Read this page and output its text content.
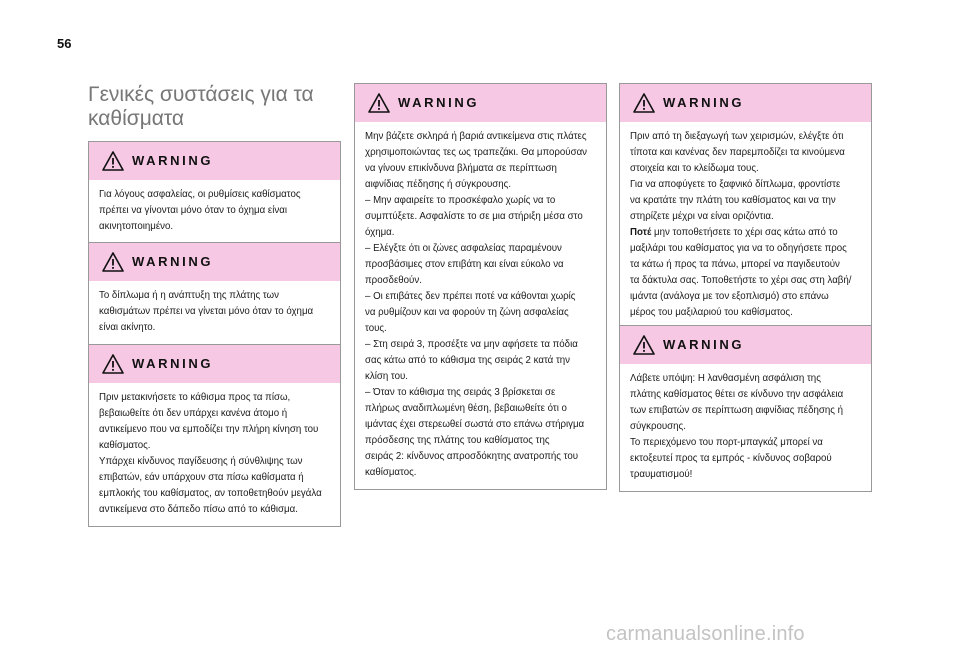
56
Γενικές συστάσεις για τα καθίσματα
WARNING

Για λόγους ασφαλείας, οι ρυθμίσεις καθίσματος

πρέπει να γίνονται μόνο όταν το όχημα είναι

ακινητοποιημένο.

WARNING

Το δίπλωμα ή η ανάπτυξη της πλάτης των

καθισμάτων πρέπει να γίνεται μόνο όταν το όχημα

είναι ακίνητο.

WARNING

Πριν μετακινήσετε το κάθισμα προς τα πίσω,

βεβαιωθείτε ότι δεν υπάρχει κανένα άτομο ή

αντικείμενο που να εμποδίζει την πλήρη κίνηση του

καθίσματος.

Υπάρχει κίνδυνος παγίδευσης ή σύνθλιψης των

επιβατών, εάν υπάρχουν στα πίσω καθίσματα ή

εμπλοκής του καθίσματος, αν τοποθετηθούν μεγάλα

αντικείμενα στο δάπεδο πίσω από το κάθισμα.

WARNING

Μην βάζετε σκληρά ή βαριά αντικείμενα στις πλάτες

χρησιμοποιώντας τες ως τραπεζάκι. Θα μπορούσαν

να γίνουν επικίνδυνα βλήματα σε περίπτωση

αιφνίδιας πέδησης ή σύγκρουσης.

– Μην αφαιρείτε το προσκέφαλο χωρίς να το

συμπτύξετε. Ασφαλίστε το σε μια στήριξη μέσα στο

όχημα.

– Ελέγξτε ότι οι ζώνες ασφαλείας παραμένουν

προσβάσιμες στον επιβάτη και είναι εύκολο να

προσδεθούν.

– Οι επιβάτες δεν πρέπει ποτέ να κάθονται χωρίς

να ρυθμίζουν και να φορούν τη ζώνη ασφαλείας

τους.

– Στη σειρά 3, προσέξτε να μην αφήσετε τα πόδια

σας κάτω από το κάθισμα της σειράς 2 κατά την

κλίση του.

– Όταν το κάθισμα της σειράς 3 βρίσκεται σε

πλήρως αναδιπλωμένη θέση, βεβαιωθείτε ότι ο

ιμάντας έχει στερεωθεί σωστά στο επάνω στήριγμα

πρόσδεσης της πλάτης του καθίσματος της

σειράς 2: κίνδυνος απροσδόκητης ανατροπής του

καθίσματος.

WARNING

Πριν από τη διεξαγωγή των χειρισμών, ελέγξτε ότι

τίποτα και κανένας δεν παρεμποδίζει τα κινούμενα

στοιχεία και το κλείδωμα τους.

Για να αποφύγετε το ξαφνικό δίπλωμα, φροντίστε

να κρατάτε την πλάτη του καθίσματος και να την

στηρίζετε μέχρι να είναι οριζόντια.

Ποτέ μην τοποθετήσετε το χέρι σας κάτω από το

μαξιλάρι του καθίσματος για να το οδηγήσετε προς

τα κάτω ή προς τα πάνω, μπορεί να παγιδευτούν

τα δάκτυλα σας. Τοποθετήστε το χέρι σας στη λαβή/

ιμάντα (ανάλογα με τον εξοπλισμό) στο επάνω

μέρος του μαξιλαριού του καθίσματος.

WARNING

Λάβετε υπόψη: Η λανθασμένη ασφάλιση της

πλάτης καθίσματος θέτει σε κίνδυνο την ασφάλεια

των επιβατών σε περίπτωση αιφνίδιας πέδησης ή

σύγκρουσης.

Το περιεχόμενο του πορτ-μπαγκάζ μπορεί να

εκτοξευτεί προς τα εμπρός - κίνδυνος σοβαρού

τραυματισμού!

carmanualsonline.info
